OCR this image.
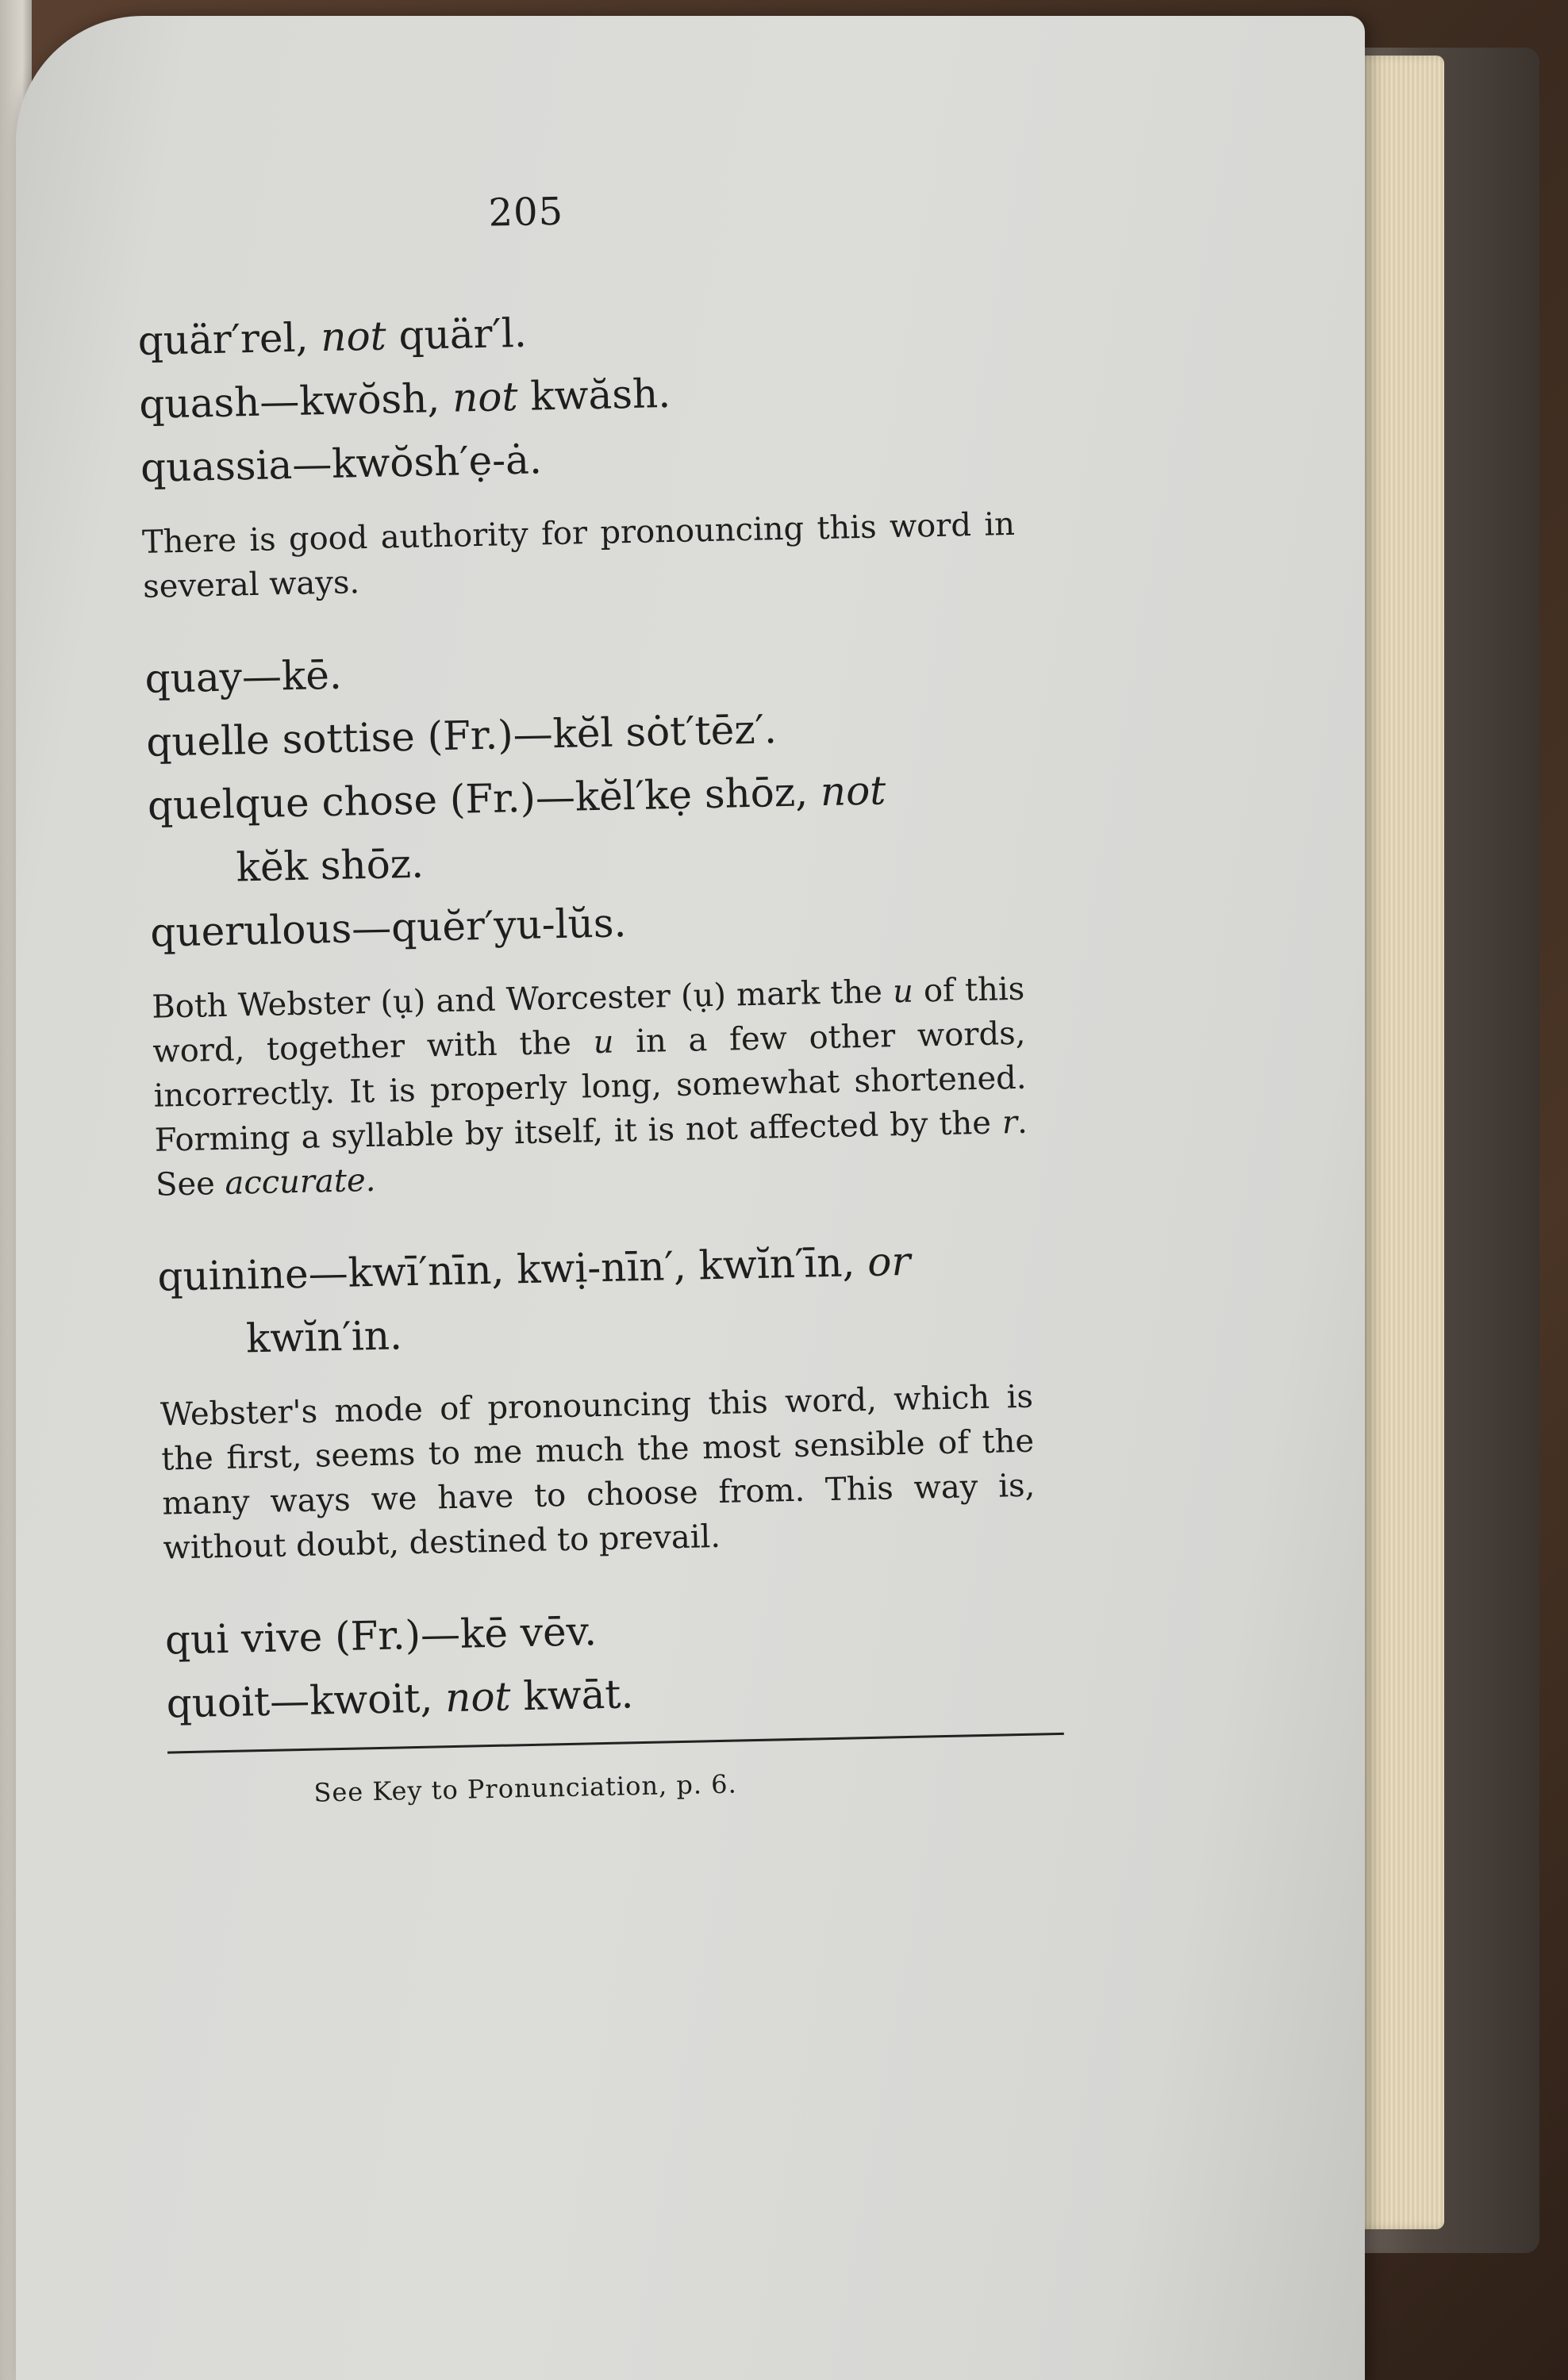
205

quär′rel, not quär′l.

quash—kwŏsh, not kwăsh.

quassia—kwŏsh′ẹ-ȧ.

There is good authority for pronouncing this word in several ways.

quay—kē.

quelle sottise (Fr.)—kĕl sȯt′tēz′.

quelque chose (Fr.)—kĕl′kẹ shōz, not
kĕk shōz.

querulous—quĕr′yu-lŭs.

Both Webster (ụ) and Worcester (ụ) mark the u of this word, together with the u in a few other words, incorrectly. It is properly long, somewhat shortened. Forming a syllable by itself, it is not affected by the r. See accurate.

quinine—kwī′nīn, kwị-nīn′, kwĭn′īn, or
kwĭn′in.

Webster's mode of pronouncing this word, which is the first, seems to me much the most sensible of the many ways we have to choose from. This way is, without doubt, destined to prevail.

qui vive (Fr.)—kē vēv.

quoit—kwoit, not kwāt.

See Key to Pronunciation, p. 6.
